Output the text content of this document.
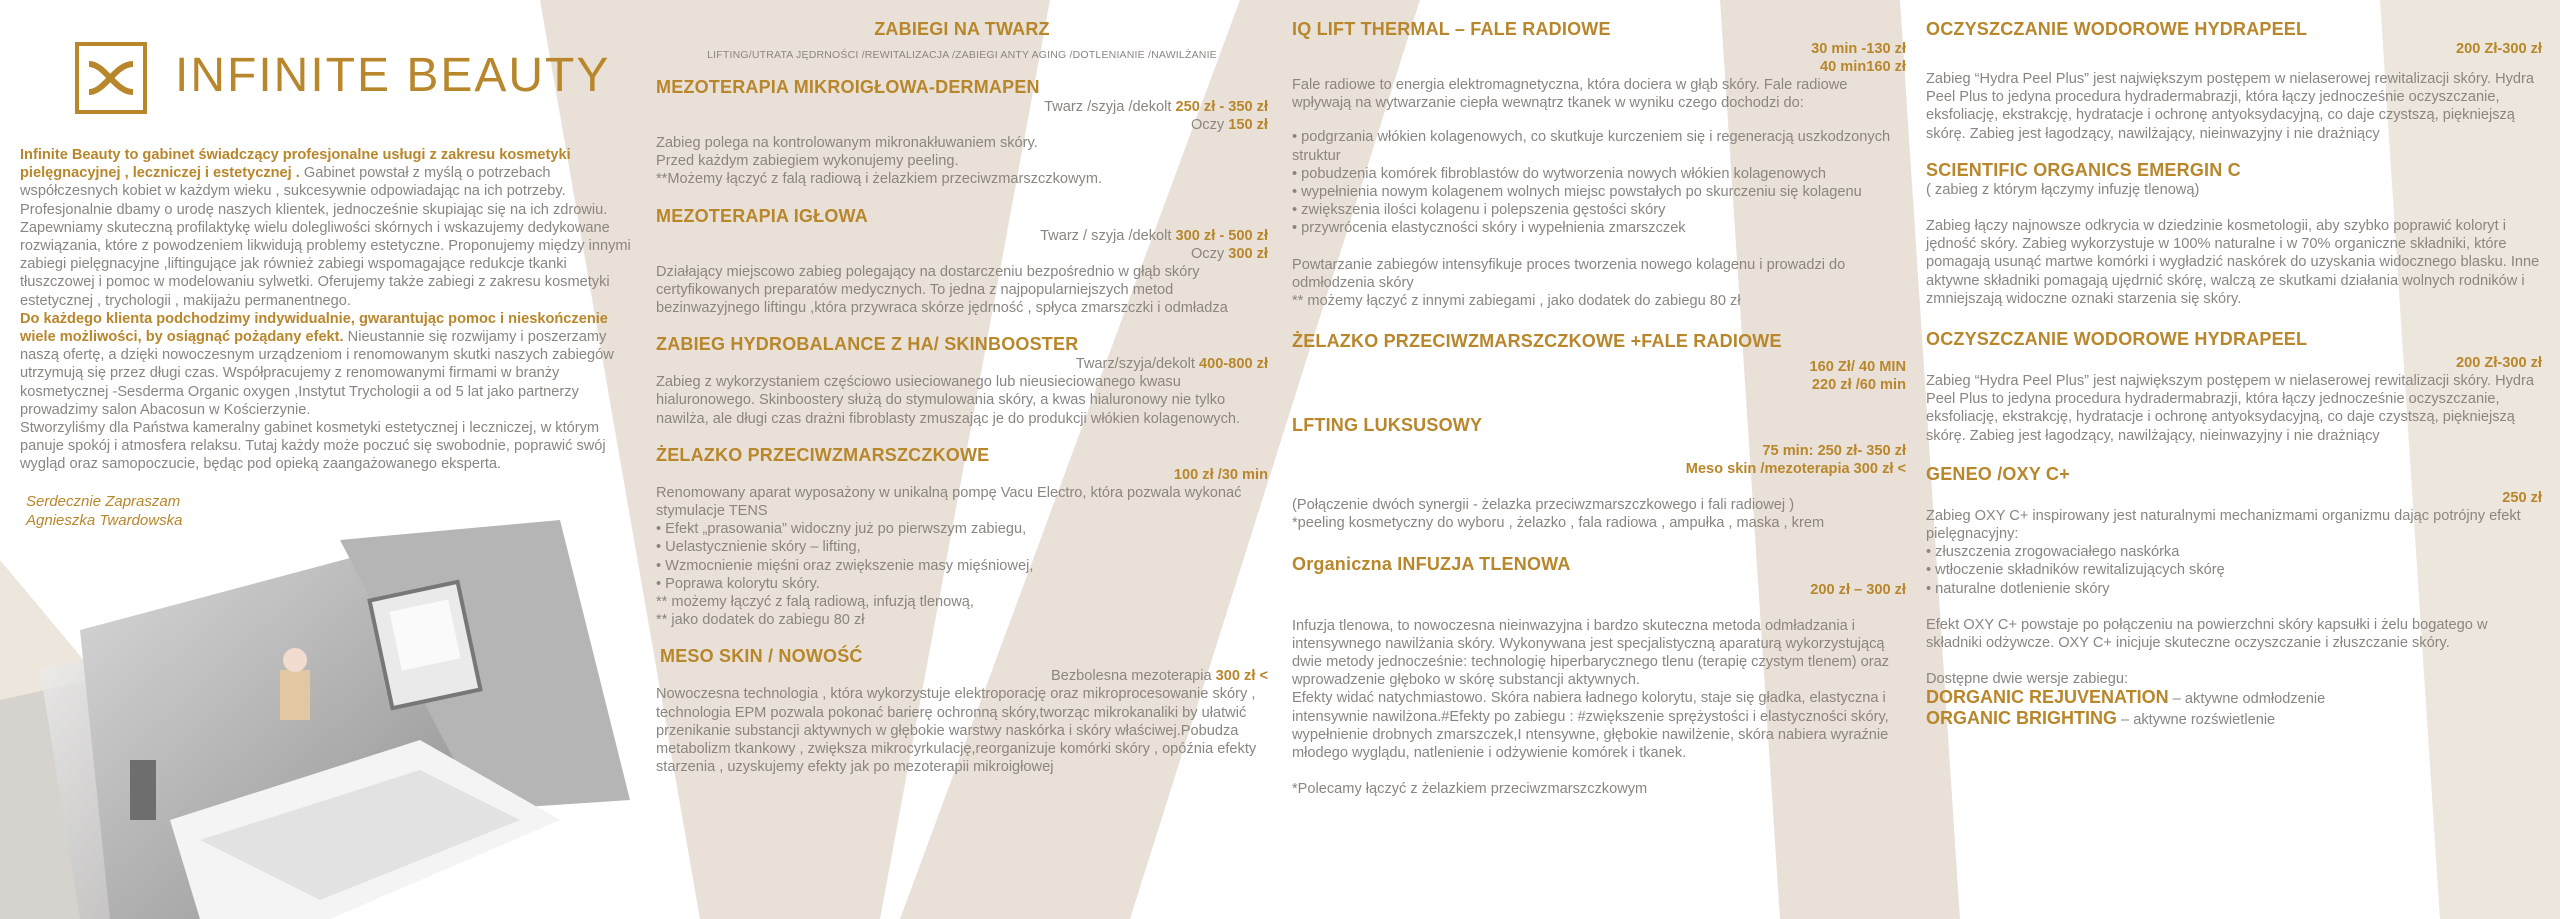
INFINITE BEAUTY

Infinite Beauty to gabinet świadczący profesjonalne usługi z zakresu kosmetyki pielęgnacyjnej , leczniczej i estetycznej . Gabinet powstał z myślą o potrzebach współczesnych kobiet w każdym wieku , sukcesywnie odpowiadając na ich potrzeby.

Profesjonalnie dbamy o urodę naszych klientek, jednocześnie skupiając się na ich zdrowiu. Zapewniamy skuteczną profilaktykę wielu dolegliwości skórnych i wskazujemy dedykowane rozwiązania, które z powodzeniem likwidują problemy estetyczne. Proponujemy między innymi zabiegi pielęgnacyjne ,liftingujące jak również zabiegi wspomagające redukcje tkanki tłuszczowej i pomoc w modelowaniu sylwetki. Oferujemy także zabiegi z zakresu kosmetyki estetycznej , trychologii , makijażu permanentnego.

Do każdego klienta podchodzimy indywidualnie, gwarantując pomoc i nieskończenie wiele możliwości, by osiągnąć pożądany efekt. Nieustannie się rozwijamy i poszerzamy naszą ofertę, a dzięki nowoczesnym urządzeniom i renomowanym skutki naszych zabiegów utrzymują się przez długi czas. Współpracujemy z renomowanymi firmami w branży kosmetycznej -Sesderma Organic oxygen ,Instytut Trychologii a od 5 lat jako partnerzy prowadzimy salon Abacosun w Kościerzynie.

Stworzyliśmy dla Państwa kameralny gabinet kosmetyki estetycznej i leczniczej, w którym panuje spokój i atmosfera relaksu. Tutaj każdy może poczuć się swobodnie, poprawić swój wygląd oraz samopoczucie, będąc pod opieką zaangażowanego eksperta.

Serdecznie Zapraszam
Agnieszka Twardowska
ZABIEGI NA TWARZ
LIFTING/UTRATA JĘDRNOŚCI /REWITALIZACJA /ZABIEGI ANTY AGING /DOTLENIANIE /NAWILŻANIE
MEZOTERAPIA MIKROIGŁOWA-DERMAPEN
Twarz /szyja /dekolt 250 zł - 350 zł
Oczy 150 zł

Zabieg polega na kontrolowanym mikronakłuwaniem skóry.

Przed każdym zabiegiem wykonujemy peeling.

**Możemy łączyć z falą radiową i żelazkiem przeciwzmarszczkowym.

MEZOTERAPIA IGŁOWA
Twarz / szyja /dekolt 300 zł - 500 zł
Oczy 300 zł

Działający miejscowo zabieg polegający na dostarczeniu bezpośrednio w głąb skóry certyfikowanych preparatów medycznych. To jedna z najpopularniejszych metod bezinwazyjnego liftingu ,która przywraca skórze jędrność , spłyca zmarszczki i odmładza

ZABIEG HYDROBALANCE Z HA/ SKINBOOSTER
Twarz/szyja/dekolt 400-800 zł

Zabieg z wykorzystaniem częściowo usieciowanego lub nieusieciowanego kwasu hialuronowego. Skinboostery służą do stymulowania skóry, a kwas hialuronowy nie tylko nawilża, ale długi czas drażni fibroblasty zmuszając je do produkcji włókien kolagenowych.

ŻELAZKO PRZECIWZMARSZCZKOWE
100 zł /30 min

Renomowany aparat wyposażony w unikalną pompę Vacu Electro, która pozwala wykonać stymulacje TENS

• Efekt „prasowania” widoczny już po pierwszym zabiegu,
• Uelastycznienie skóry – lifting,
• Wzmocnienie mięśni oraz zwiększenie masy mięśniowej,
• Poprawa kolorytu skóry.

** możemy łączyć z falą radiową, infuzją tlenową,

** jako dodatek do zabiegu 80 zł

MESO SKIN / NOWOŚĆ
Bezbolesna mezoterapia 300 zł <

Nowoczesna technologia , która wykorzystuje elektroporację oraz mikroprocesowanie skóry , technologia EPM pozwala pokonać barierę ochronną skóry,tworząc mikrokanaliki by ułatwić przenikanie substancji aktywnych w głębokie warstwy naskórka i skóry właściwej.Pobudza metabolizm tkankowy , zwiększa mikrocyrkulację,reorganizuje komórki skóry , opóźnia efekty starzenia , uzyskujemy efekty jak po mezoterapii mikroigłowej

IQ LIFT THERMAL – FALE RADIOWE
30 min -130 zł
40 min160 zł

Fale radiowe to energia elektromagnetyczna, która dociera w głąb skóry. Fale radiowe wpływają na wytwarzanie ciepła wewnątrz tkanek w wyniku czego dochodzi do:

• podgrzania włókien kolagenowych, co skutkuje kurczeniem się i regeneracją uszkodzonych struktur
• pobudzenia komórek fibroblastów do wytworzenia nowych włókien kolagenowych
• wypełnienia nowym kolagenem wolnych miejsc powstałych po skurczeniu się kolagenu
• zwiększenia ilości kolagenu i polepszenia gęstości skóry
• przywrócenia elastyczności skóry i wypełnienia zmarszczek

Powtarzanie zabiegów intensyfikuje proces tworzenia nowego kolagenu i prowadzi do odmłodzenia skóry

** możemy łączyć z innymi zabiegami , jako dodatek do zabiegu 80 zł

ŻELAZKO PRZECIWZMARSZCZKOWE +FALE RADIOWE
160 Zł/ 40 MIN
220 zł /60 min
LFTING LUKSUSOWY
75 min: 250 zł- 350 zł
Meso skin /mezoterapia 300 zł <

(Połączenie dwóch synergii - żelazka przeciwzmarszczkowego i fali radiowej )

*peeling kosmetyczny do wyboru , żelazko , fala radiowa , ampułka , maska , krem

Organiczna INFUZJA TLENOWA
200 zł – 300 zł

Infuzja tlenowa, to nowoczesna nieinwazyjna i bardzo skuteczna metoda odmładzania i intensywnego nawilżania skóry. Wykonywana jest specjalistyczną aparaturą wykorzystującą dwie metody jednocześnie: technologię hiperbarycznego tlenu (terapię czystym tlenem) oraz wprowadzenie głęboko w skórę substancji aktywnych.

Efekty widać natychmiastowo. Skóra nabiera ładnego kolorytu, staje się gładka, elastyczna i intensywnie nawilżona.#Efekty po zabiegu : #zwiększenie sprężystości i elastyczności skóry, wypełnienie drobnych zmarszczek,I ntensywne, głębokie nawilżenie, skóra nabiera wyraźnie młodego wyglądu, natlenienie i odżywienie komórek i tkanek.

*Polecamy łączyć z żelazkiem przeciwzmarszczkowym

OCZYSZCZANIE WODOROWE HYDRAPEEL
200 Zł-300 zł

Zabieg “Hydra Peel Plus” jest największym postępem w nielaserowej rewitalizacji skóry. Hydra Peel Plus to jedyna procedura hydradermabrazji, która łączy jednocześnie oczyszczanie, eksfoliację, ekstrakcję, hydratacje i ochronę antyoksydacyjną, co daje czystszą, piękniejszą skórę. Zabieg jest łagodzący, nawilżający, nieinwazyjny i nie drażniący

SCIENTIFIC ORGANICS EMERGIN C

( zabieg z którym łączymy infuzję tlenową)

Zabieg łączy najnowsze odkrycia w dziedzinie kosmetologii, aby szybko poprawić koloryt i jędność skóry. Zabieg wykorzystuje w 100% naturalne i w 70% organiczne składniki, które pomagają usunąć martwe komórki i wygładzić naskórek do uzyskania widocznego blasku. Inne aktywne składniki pomagają ujędrnić skórę, walczą ze skutkami działania wolnych rodników i zmniejszają widoczne oznaki starzenia się skóry.

OCZYSZCZANIE WODOROWE HYDRAPEEL
200 Zł-300 zł

Zabieg “Hydra Peel Plus” jest największym postępem w nielaserowej rewitalizacji skóry. Hydra Peel Plus to jedyna procedura hydradermabrazji, która łączy jednocześnie oczyszczanie, eksfoliację, ekstrakcję, hydratacje i ochronę antyoksydacyjną, co daje czystszą, piękniejszą skórę. Zabieg jest łagodzący, nawilżający, nieinwazyjny i nie drażniący

GENEO /OXY C+
250 zł

Zabieg OXY C+ inspirowany jest naturalnymi mechanizmami organizmu dając potrójny efekt pielęgnacyjny:

• złuszczenia zrogowaciałego naskórka
• wtłoczenie składników rewitalizujących skórę
• naturalne dotlenienie skóry

Efekt OXY C+ powstaje po połączeniu na powierzchni skóry kapsułki i żelu bogatego w składniki odżywcze. OXY C+ inicjuje skuteczne oczyszczanie i złuszczanie skóry.

Dostępne dwie wersje zabiegu:

DORGANIC REJUVENATION – aktywne odmłodzenie

ORGANIC BRIGHTING – aktywne rozświetlenie
